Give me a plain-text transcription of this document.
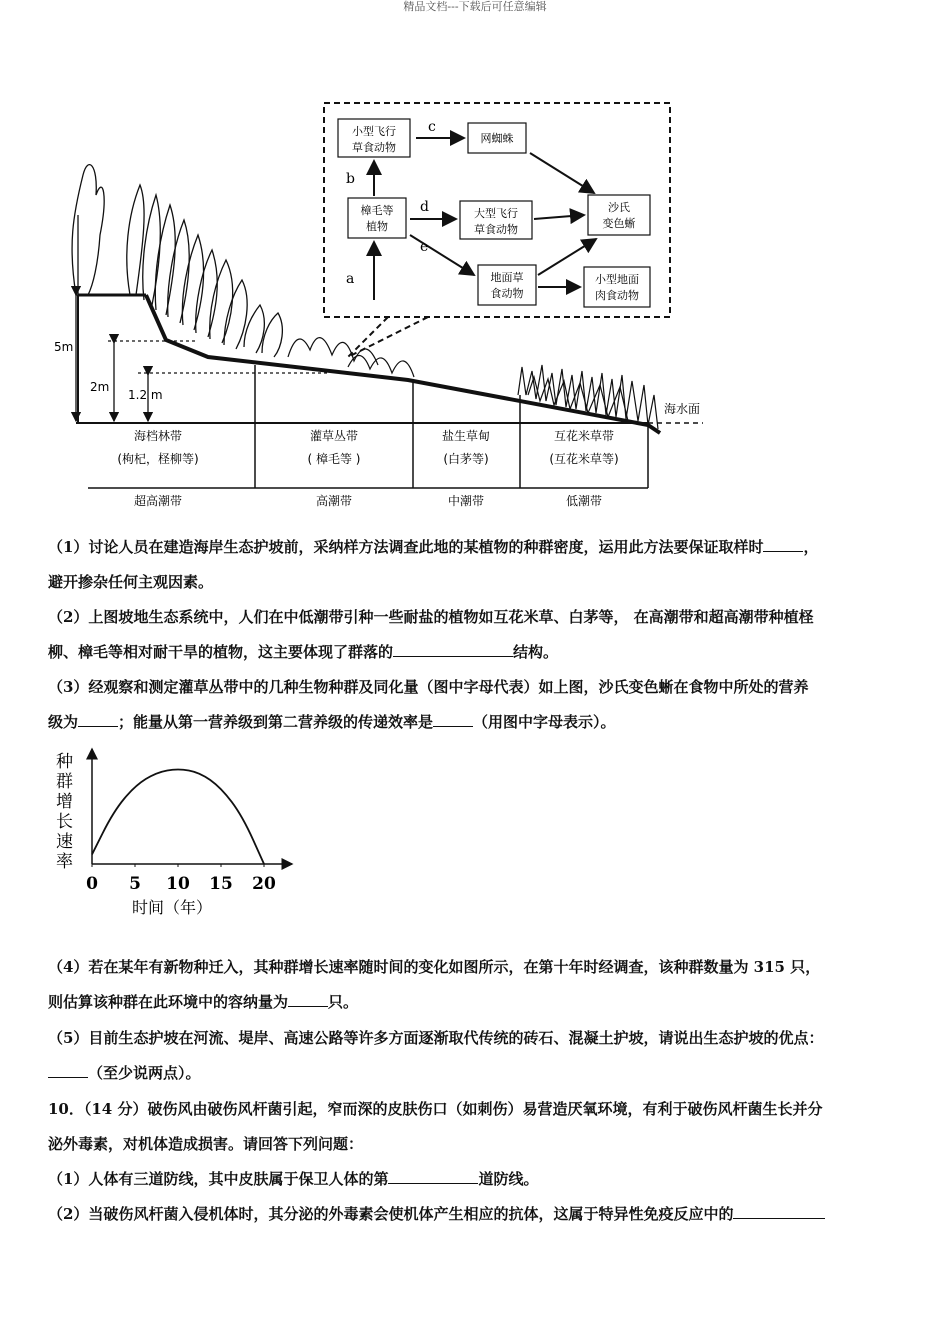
精品文档---下载后可任意编辑
5m
2m
1.2 m
海水面
海档林带
(枸杞，柽柳等)
超高潮带
灌草丛带
( 樟毛等 )
高潮带
盐生草甸
(白茅等)
中潮带
互花米草带
(互花米草等)
低潮带
小型飞行
草食动物
网蜘蛛
樟毛等
植物
大型飞行
草食动物
沙氏
变色蜥
地面草
食动物
小型地面
肉食动物
a
b
c
d
e
（1）讨论人员在建造海岸生态护坡前，采纳样方法调查此地的某植物的种群密度，运用此方法要保证取样时	，
避开掺杂任何主观因素。
（2）上图坡地生态系统中，人们在中低潮带引种一些耐盐的植物如互花米草、白茅等， 在高潮带和超高潮带种植柽
柳、樟毛等相对耐干旱的植物，这主要体现了群落的	结构。
（3）经观察和测定灌草丛带中的几种生物种群及同化量（图中字母代表）如上图，沙氏变色蜥在食物中所处的营养
级为	；能量从第一营养级到第二营养级的传递效率是	（用图中字母表示）。
种
群
增
长
速
率
0 5 10 15 20
时间（年）
（4）若在某年有新物种迁入，其种群增长速率随时间的变化如图所示，在第十年时经调查，该种群数量为 315 只，
则估算该种群在此环境中的容纳量为	只。
（5）目前生态护坡在河流、堤岸、高速公路等许多方面逐渐取代传统的砖石、混凝土护坡，请说出生态护坡的优点：
（至少说两点）。
10．（14 分）破伤风由破伤风杆菌引起，窄而深的皮肤伤口（如刺伤）易营造厌氧环境，有利于破伤风杆菌生长并分
泌外毒素，对机体造成损害。请回答下列问题：
（1）人体有三道防线，其中皮肤属于保卫人体的第	道防线。
（2）当破伤风杆菌入侵机体时，其分泌的外毒素会使机体产生相应的抗体，这属于特异性免疫反应中的
